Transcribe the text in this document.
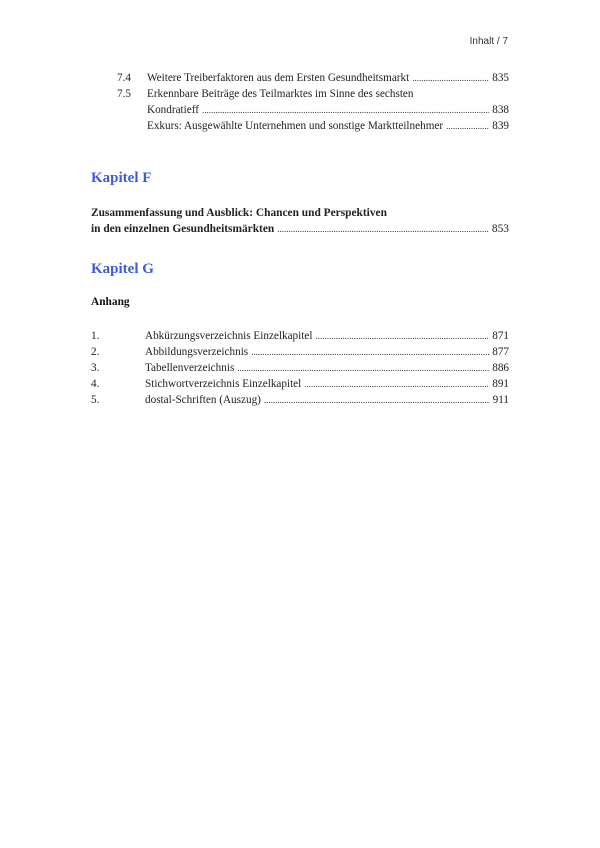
Inhalt / 7
7.4	Weitere Treiberfaktoren aus dem Ersten Gesundheitsmarkt .....	835
7.5	Erkennbare Beiträge des Teilmarktes im Sinne des sechsten
Kondratieff .....	838
Exkurs: Ausgewählte Unternehmen und sonstige Marktteilnehmer .....	839
Kapitel F
Zusammenfassung und Ausblick: Chancen und Perspektiven
in den einzelnen Gesundheitsmärkten .....	853
Kapitel G
Anhang
1.	Abkürzungsverzeichnis Einzelkapitel .....	871
2.	Abbildungsverzeichnis .....	877
3.	Tabellenverzeichnis .....	886
4.	Stichwortverzeichnis Einzelkapitel .....	891
5.	dostal-Schriften (Auszug) .....	911
